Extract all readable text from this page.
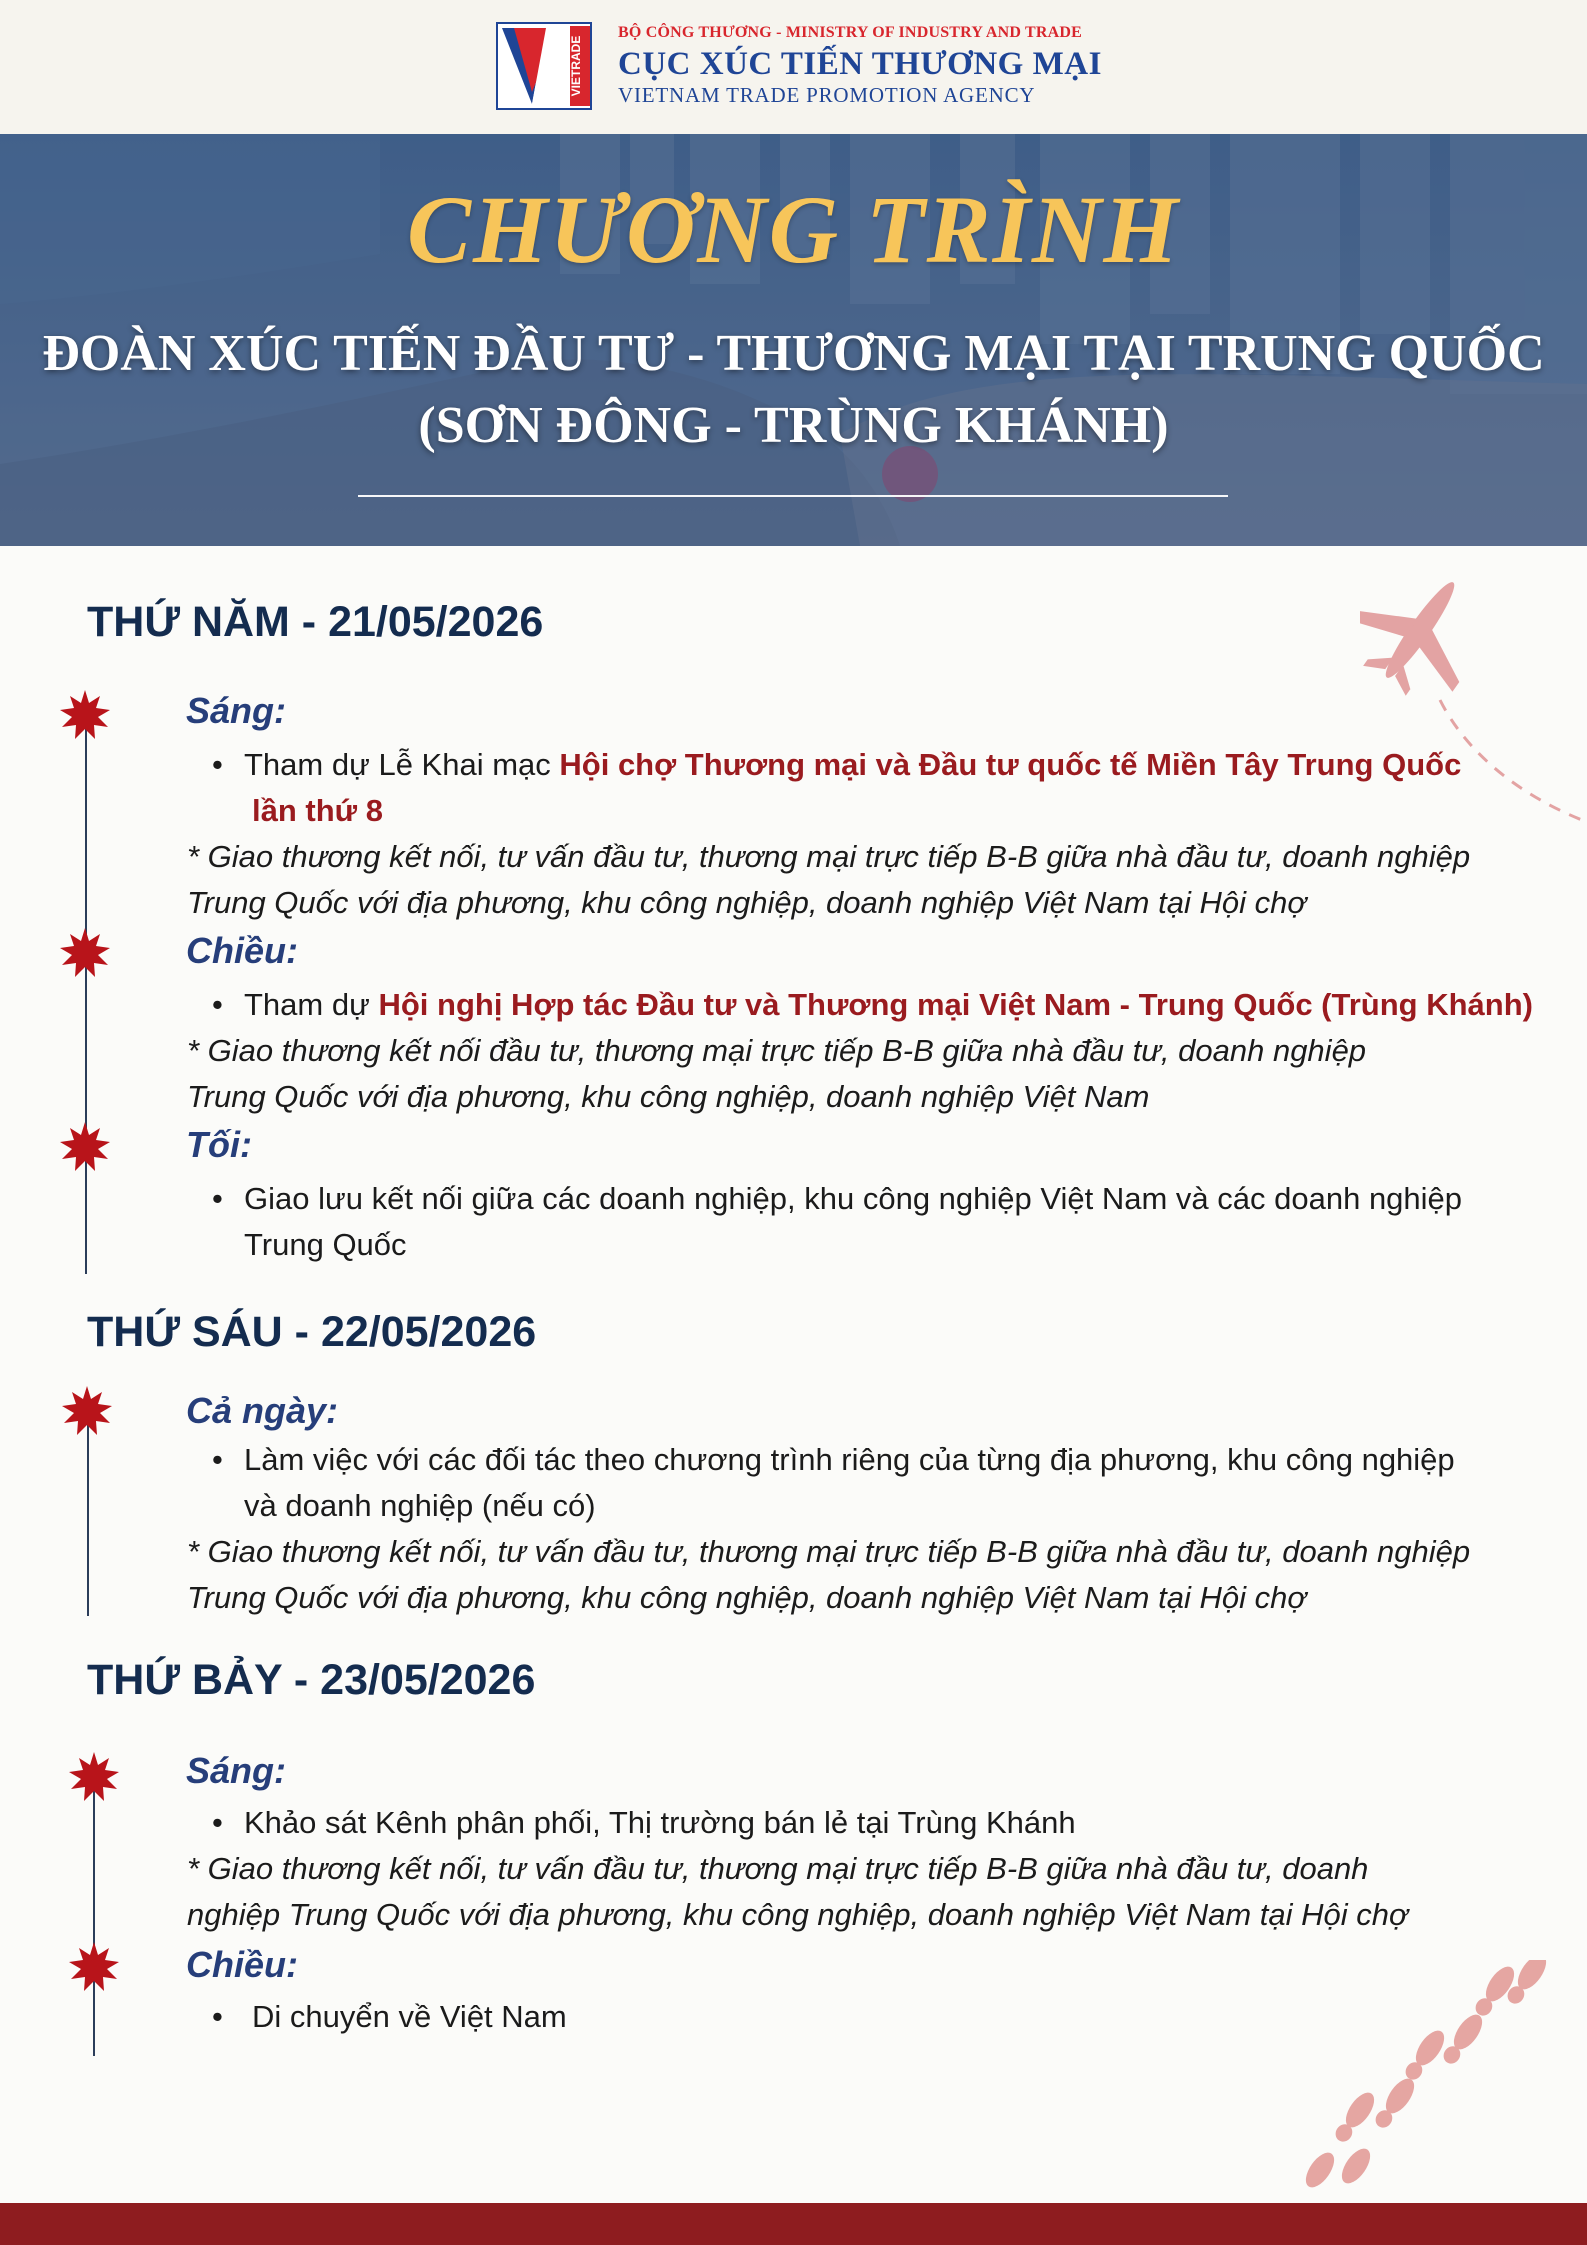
VIETRADE
BỘ CÔNG THƯƠNG - MINISTRY OF INDUSTRY AND TRADE
CỤC XÚC TIẾN THƯƠNG MẠI
VIETNAM TRADE PROMOTION AGENCY
CHƯƠNG TRÌNH
ĐOÀN XÚC TIẾN ĐẦU TƯ - THƯƠNG MẠI TẠI TRUNG QUỐC
(SƠN ĐÔNG - TRÙNG KHÁNH)
THỨ NĂM - 21/05/2026
Sáng:
• Tham dự Lễ Khai mạc Hội chợ Thương mại và Đầu tư quốc tế Miền Tây Trung Quốc
lần thứ 8
* Giao thương kết nối, tư vấn đầu tư, thương mại trực tiếp B-B giữa nhà đầu tư, doanh nghiệp
Trung Quốc với địa phương, khu công nghiệp, doanh nghiệp Việt Nam tại Hội chợ
Chiều:
• Tham dự Hội nghị Hợp tác Đầu tư và Thương mại Việt Nam - Trung Quốc (Trùng Khánh)
* Giao thương kết nối đầu tư, thương mại trực tiếp B-B giữa nhà đầu tư, doanh nghiệp
Trung Quốc với địa phương, khu công nghiệp, doanh nghiệp Việt Nam
Tối:
• Giao lưu kết nối giữa các doanh nghiệp, khu công nghiệp Việt Nam và các doanh nghiệp
Trung Quốc
THỨ SÁU - 22/05/2026
Cả ngày:
• Làm việc với các đối tác theo chương trình riêng của từng địa phương, khu công nghiệp
và doanh nghiệp (nếu có)
* Giao thương kết nối, tư vấn đầu tư, thương mại trực tiếp B-B giữa nhà đầu tư, doanh nghiệp
Trung Quốc với địa phương, khu công nghiệp, doanh nghiệp Việt Nam tại Hội chợ
THỨ BẢY - 23/05/2026
Sáng:
• Khảo sát Kênh phân phối, Thị trường bán lẻ tại Trùng Khánh
* Giao thương kết nối, tư vấn đầu tư, thương mại trực tiếp B-B giữa nhà đầu tư, doanh
nghiệp Trung Quốc với địa phương, khu công nghiệp, doanh nghiệp Việt Nam tại Hội chợ
Chiều:
• Di chuyển về Việt Nam
